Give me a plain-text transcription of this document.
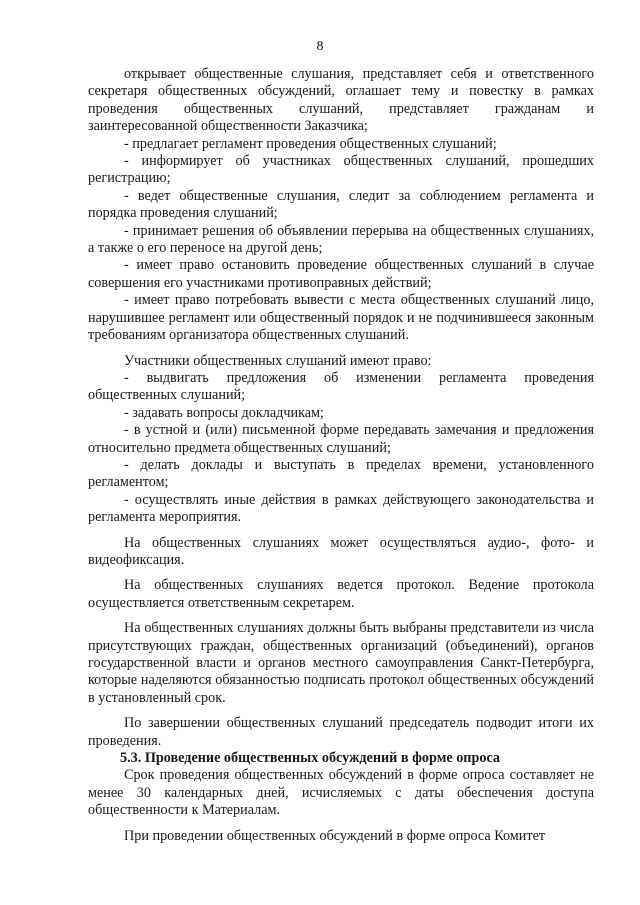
8

открывает общественные слушания, представляет себя и ответственного секретаря общественных обсуждений, оглашает тему и повестку в рамках проведения общественных слушаний, представляет гражданам и заинтересованной общественности Заказчика;

- предлагает регламент проведения общественных слушаний;

- информирует об участниках общественных слушаний, прошедших регистрацию;

- ведет общественные слушания, следит за соблюдением регламента и порядка проведения слушаний;

- принимает решения об объявлении перерыва на общественных слушаниях, а также о его переносе на другой день;

- имеет право остановить проведение общественных слушаний в случае совершения его участниками противоправных действий;

- имеет право потребовать вывести с места общественных слушаний лицо, нарушившее регламент или общественный порядок и не подчинившееся законным требованиям организатора общественных слушаний.

Участники общественных слушаний имеют право:

- выдвигать предложения об изменении регламента проведения общественных слушаний;

- задавать вопросы докладчикам;

- в устной и (или) письменной форме передавать замечания и предложения относительно предмета общественных слушаний;

- делать доклады и выступать в пределах времени, установленного регламентом;

- осуществлять иные действия в рамках действующего законодательства и регламента мероприятия.

На общественных слушаниях может осуществляться аудио-, фото- и видеофиксация.

На общественных слушаниях ведется протокол. Ведение протокола осуществляется ответственным секретарем.

На общественных слушаниях должны быть выбраны представители из числа присутствующих граждан, общественных организаций (объединений), органов государственной власти и органов местного самоуправления Санкт-Петербурга, которые наделяются обязанностью подписать протокол общественных обсуждений в установленный срок.

По завершении общественных слушаний председатель подводит итоги их проведения.

5.3. Проведение общественных обсуждений в форме опроса

Срок проведения общественных обсуждений в форме опроса составляет не менее 30 календарных дней, исчисляемых с даты обеспечения доступа общественности к Материалам.

При проведении общественных обсуждений в форме опроса Комитет
